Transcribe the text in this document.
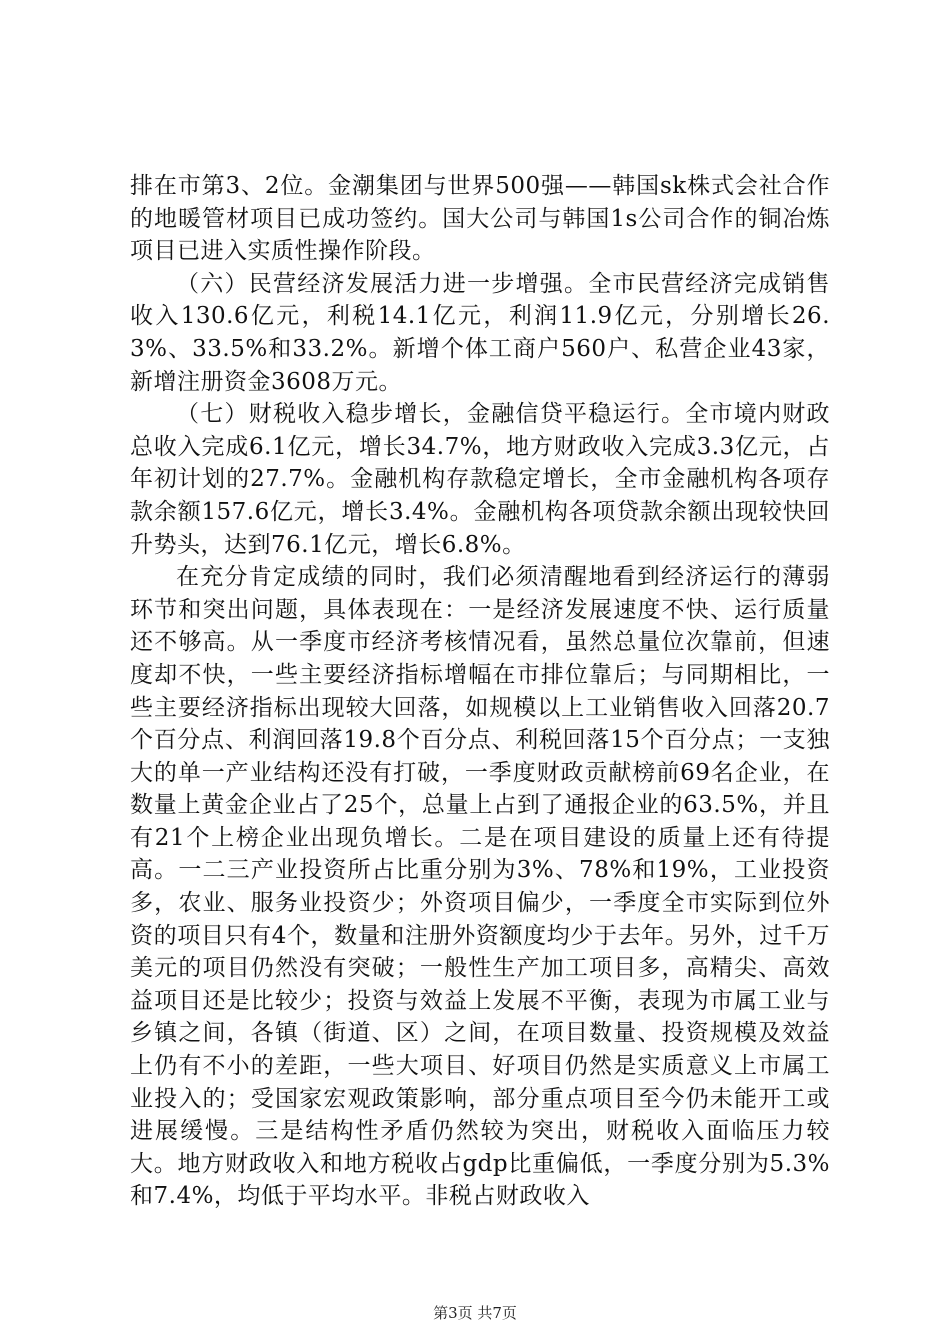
排在市第3、2位。金潮集团与世界500强——韩国sk株式会社合作的地暖管材项目已成功签约。国大公司与韩国1s公司合作的铜冶炼项目已进入实质性操作阶段。

（六）民营经济发展活力进一步增强。全市民营经济完成销售收入130.6亿元，利税14.1亿元，利润11.9亿元，分别增长26.3%、33.5%和33.2%。新增个体工商户560户、私营企业43家，新增注册资金3608万元。

（七）财税收入稳步增长，金融信贷平稳运行。全市境内财政总收入完成6.1亿元，增长34.7%，地方财政收入完成3.3亿元，占年初计划的27.7%。金融机构存款稳定增长，全市金融机构各项存款余额157.6亿元，增长3.4%。金融机构各项贷款余额出现较快回升势头，达到76.1亿元，增长6.8%。

在充分肯定成绩的同时，我们必须清醒地看到经济运行的薄弱环节和突出问题，具体表现在：一是经济发展速度不快、运行质量还不够高。从一季度市经济考核情况看，虽然总量位次靠前，但速度却不快，一些主要经济指标增幅在市排位靠后；与同期相比，一些主要经济指标出现较大回落，如规模以上工业销售收入回落20.7个百分点、利润回落19.8个百分点、利税回落15个百分点；一支独大的单一产业结构还没有打破，一季度财政贡献榜前69名企业，在数量上黄金企业占了25个，总量上占到了通报企业的63.5%，并且有21个上榜企业出现负增长。二是在项目建设的质量上还有待提高。一二三产业投资所占比重分别为3%、78%和19%，工业投资多，农业、服务业投资少；外资项目偏少，一季度全市实际到位外资的项目只有4个，数量和注册外资额度均少于去年。另外，过千万美元的项目仍然没有突破；一般性生产加工项目多，高精尖、高效益项目还是比较少；投资与效益上发展不平衡，表现为市属工业与乡镇之间，各镇（街道、区）之间，在项目数量、投资规模及效益上仍有不小的差距，一些大项目、好项目仍然是实质意义上市属工业投入的；受国家宏观政策影响，部分重点项目至今仍未能开工或进展缓慢。三是结构性矛盾仍然较为突出，财税收入面临压力较大。地方财政收入和地方税收占gdp比重偏低，一季度分别为5.3%和7.4%，均低于平均水平。非税占财政收入

第3页 共7页
